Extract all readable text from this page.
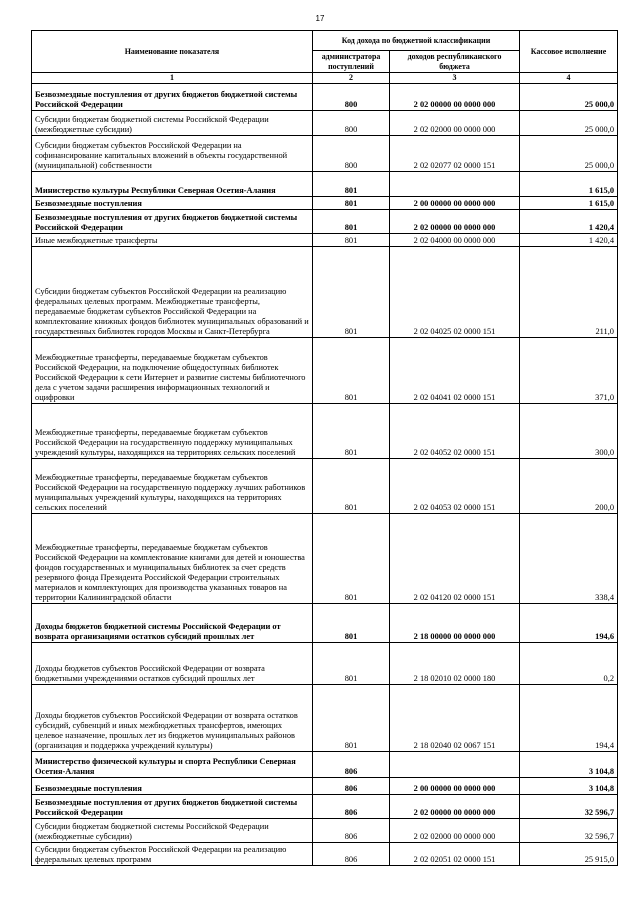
17
Наименование показателя	Код дохода по бюджетной классификации		Кассовое исполнение
	администратора поступлений	доходов республиканского бюджета	
1	2	3	4
Безвозмездные поступления от других бюджетов бюджетной системы Российской Федерации	800	2 02 00000 00 0000 000	25 000,0
Субсидии бюджетам бюджетной системы Российской Федерации (межбюджетные субсидии)	800	2 02 02000 00 0000 000	25 000,0
Субсидии бюджетам субъектов Российской Федерации на софинансирование капитальных вложений в объекты государственной (муниципальной) собственности	800	2 02 02077 02 0000 151	25 000,0
Министерство культуры Республики Северная Осетия-Алания	801		1 615,0
Безвозмездные поступления	801	2 00 00000 00 0000 000	1 615,0
Безвозмездные поступления от других бюджетов бюджетной системы Российской Федерации	801	2 02 00000 00 0000 000	1 420,4
Иные межбюджетные трансферты	801	2 02 04000 00 0000 000	1 420,4
Субсидии бюджетам субъектов Российской Федерации на реализацию федеральных целевых программ. Межбюджетные трансферты, передаваемые бюджетам субъектов Российской Федерации на комплектование книжных фондов библиотек муниципальных образований и государственных библиотек городов Москвы и Санкт-Петербурга	801	2 02 04025 02 0000 151	211,0
Межбюджетные трансферты, передаваемые бюджетам субъектов Российской Федерации, на подключение общедоступных библиотек Российской Федерации к сети Интернет и развитие системы библиотечного дела с учетом задачи расширения информационных технологий и оцифровки	801	2 02 04041 02 0000 151	371,0
Межбюджетные трансферты, передаваемые бюджетам субъектов Российской Федерации на государственную поддержку муниципальных учреждений культуры, находящихся на территориях сельских поселений	801	2 02 04052 02 0000 151	300,0
Межбюджетные трансферты, передаваемые бюджетам субъектов Российской Федерации на государственную поддержку лучших работников муниципальных учреждений культуры, находящихся на территориях сельских поселений	801	2 02 04053 02 0000 151	200,0
Межбюджетные трансферты, передаваемые бюджетам субъектов Российской Федерации на комплектование книгами для детей и юношества фондов государственных и муниципальных библиотек за счет средств резервного фонда Президента Российской Федерации строительных материалов и комплектующих для производства указанных товаров на территории Калининградской области	801	2 02 04120 02 0000 151	338,4
Доходы бюджетов бюджетной системы Российской Федерации от возврата организациями остатков субсидий прошлых лет	801	2 18 00000 00 0000 000	194,6
Доходы бюджетов субъектов Российской Федерации от возврата бюджетными учреждениями остатков субсидий прошлых лет	801	2 18 02010 02 0000 180	0,2
Доходы бюджетов субъектов Российской Федерации от возврата остатков субсидий, субвенций и иных межбюджетных трансфертов, имеющих целевое назначение, прошлых лет из бюджетов муниципальных районов (организация и поддержка учреждений культуры)	801	2 18 02040 02 0067 151	194,4
Министерство физической культуры и спорта Республики Северная Осетия-Алания	806		3 104,8
Безвозмездные поступления	806	2 00 00000 00 0000 000	3 104,8
Безвозмездные поступления от других бюджетов бюджетной системы Российской Федерации	806	2 02 00000 00 0000 000	32 596,7
Субсидии бюджетам бюджетной системы Российской Федерации (межбюджетные субсидии)	806	2 02 02000 00 0000 000	32 596,7
Субсидии бюджетам субъектов Российской Федерации на реализацию федеральных целевых программ	806	2 02 02051 02 0000 151	25 915,0
